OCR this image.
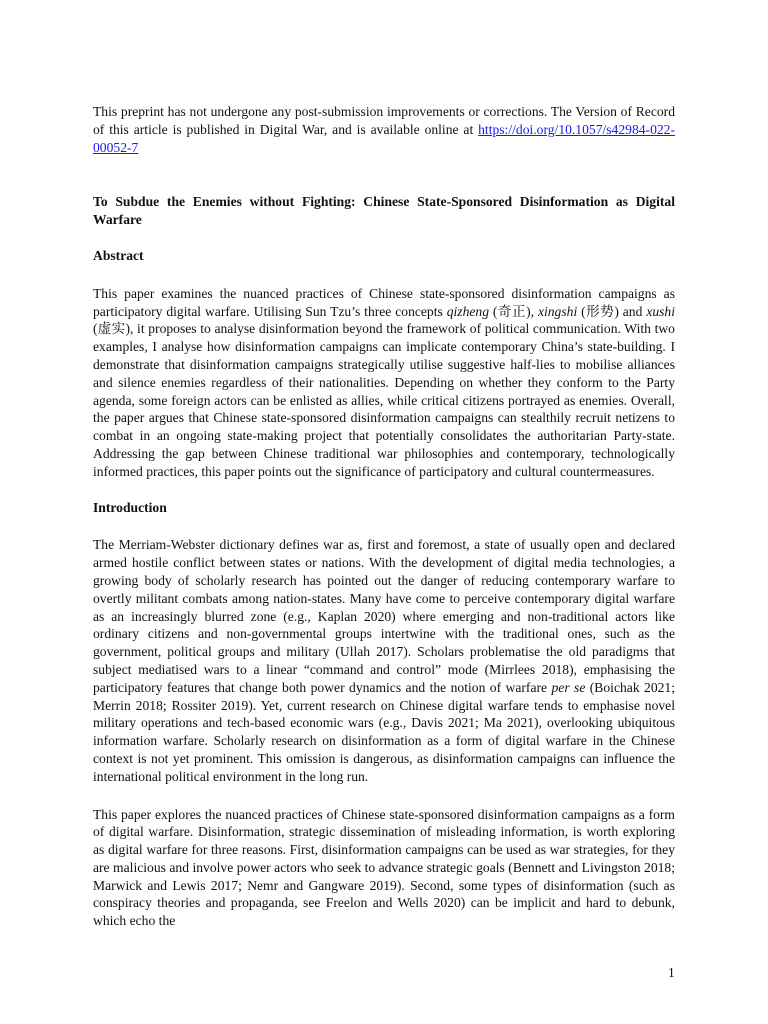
This preprint has not undergone any post-submission improvements or corrections. The Version of Record of this article is published in Digital War, and is available online at https://doi.org/10.1057/s42984-022-00052-7

To Subdue the Enemies without Fighting: Chinese State-Sponsored Disinformation as Digital Warfare
Abstract

This paper examines the nuanced practices of Chinese state-sponsored disinformation campaigns as participatory digital warfare. Utilising Sun Tzu’s three concepts qizheng (奇正), xingshi (形势) and xushi (虚实), it proposes to analyse disinformation beyond the framework of political communication. With two examples, I analyse how disinformation campaigns can implicate contemporary China’s state-building. I demonstrate that disinformation campaigns strategically utilise suggestive half-lies to mobilise alliances and silence enemies regardless of their nationalities. Depending on whether they conform to the Party agenda, some foreign actors can be enlisted as allies, while critical citizens portrayed as enemies. Overall, the paper argues that Chinese state-sponsored disinformation campaigns can stealthily recruit netizens to combat in an ongoing state-making project that potentially consolidates the authoritarian Party-state. Addressing the gap between Chinese traditional war philosophies and contemporary, technologically informed practices, this paper points out the significance of participatory and cultural countermeasures.

Introduction

The Merriam-Webster dictionary defines war as, first and foremost, a state of usually open and declared armed hostile conflict between states or nations. With the development of digital media technologies, a growing body of scholarly research has pointed out the danger of reducing contemporary warfare to overtly militant combats among nation-states. Many have come to perceive contemporary digital warfare as an increasingly blurred zone (e.g., Kaplan 2020) where emerging and non-traditional actors like ordinary citizens and non-governmental groups intertwine with the traditional ones, such as the government, political groups and military (Ullah 2017). Scholars problematise the old paradigms that subject mediatised wars to a linear “command and control” mode (Mirrlees 2018), emphasising the participatory features that change both power dynamics and the notion of warfare per se (Boichak 2021; Merrin 2018; Rossiter 2019). Yet, current research on Chinese digital warfare tends to emphasise novel military operations and tech-based economic wars (e.g., Davis 2021; Ma 2021), overlooking ubiquitous information warfare. Scholarly research on disinformation as a form of digital warfare in the Chinese context is not yet prominent. This omission is dangerous, as disinformation campaigns can influence the international political environment in the long run.

This paper explores the nuanced practices of Chinese state-sponsored disinformation campaigns as a form of digital warfare. Disinformation, strategic dissemination of misleading information, is worth exploring as digital warfare for three reasons. First, disinformation campaigns can be used as war strategies, for they are malicious and involve power actors who seek to advance strategic goals (Bennett and Livingston 2018; Marwick and Lewis 2017; Nemr and Gangware 2019). Second, some types of disinformation (such as conspiracy theories and propaganda, see Freelon and Wells 2020) can be implicit and hard to debunk, which echo the

1
